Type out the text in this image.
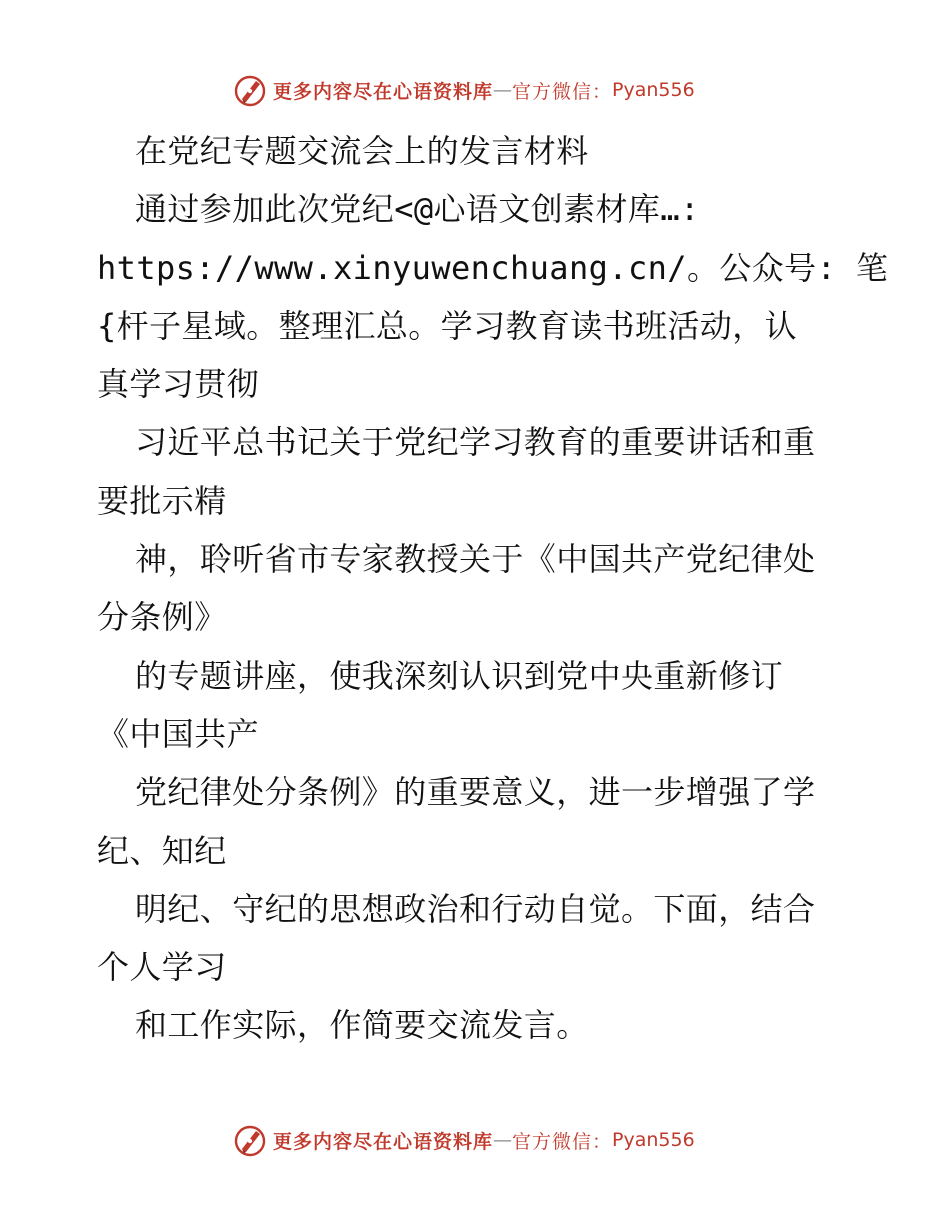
更多内容尽在心语资料库 — 官方微信： Pyan556
在党纪专题交流会上的发言材料
通过参加此次党纪<@心语文创素材库…:
https://www.xinyuwenchuang.cn/。公众号: 笔
{杆子星域。整理汇总。学习教育读书班活动，认
真学习贯彻
习近平总书记关于党纪学习教育的重要讲话和重
要批示精
神，聆听省市专家教授关于《中国共产党纪律处
分条例》
的专题讲座，使我深刻认识到党中央重新修订
《中国共产
党纪律处分条例》的重要意义，进一步增强了学
纪、知纪
明纪、守纪的思想政治和行动自觉。下面，结合
个人学习
和工作实际，作简要交流发言。
更多内容尽在心语资料库 — 官方微信： Pyan556
